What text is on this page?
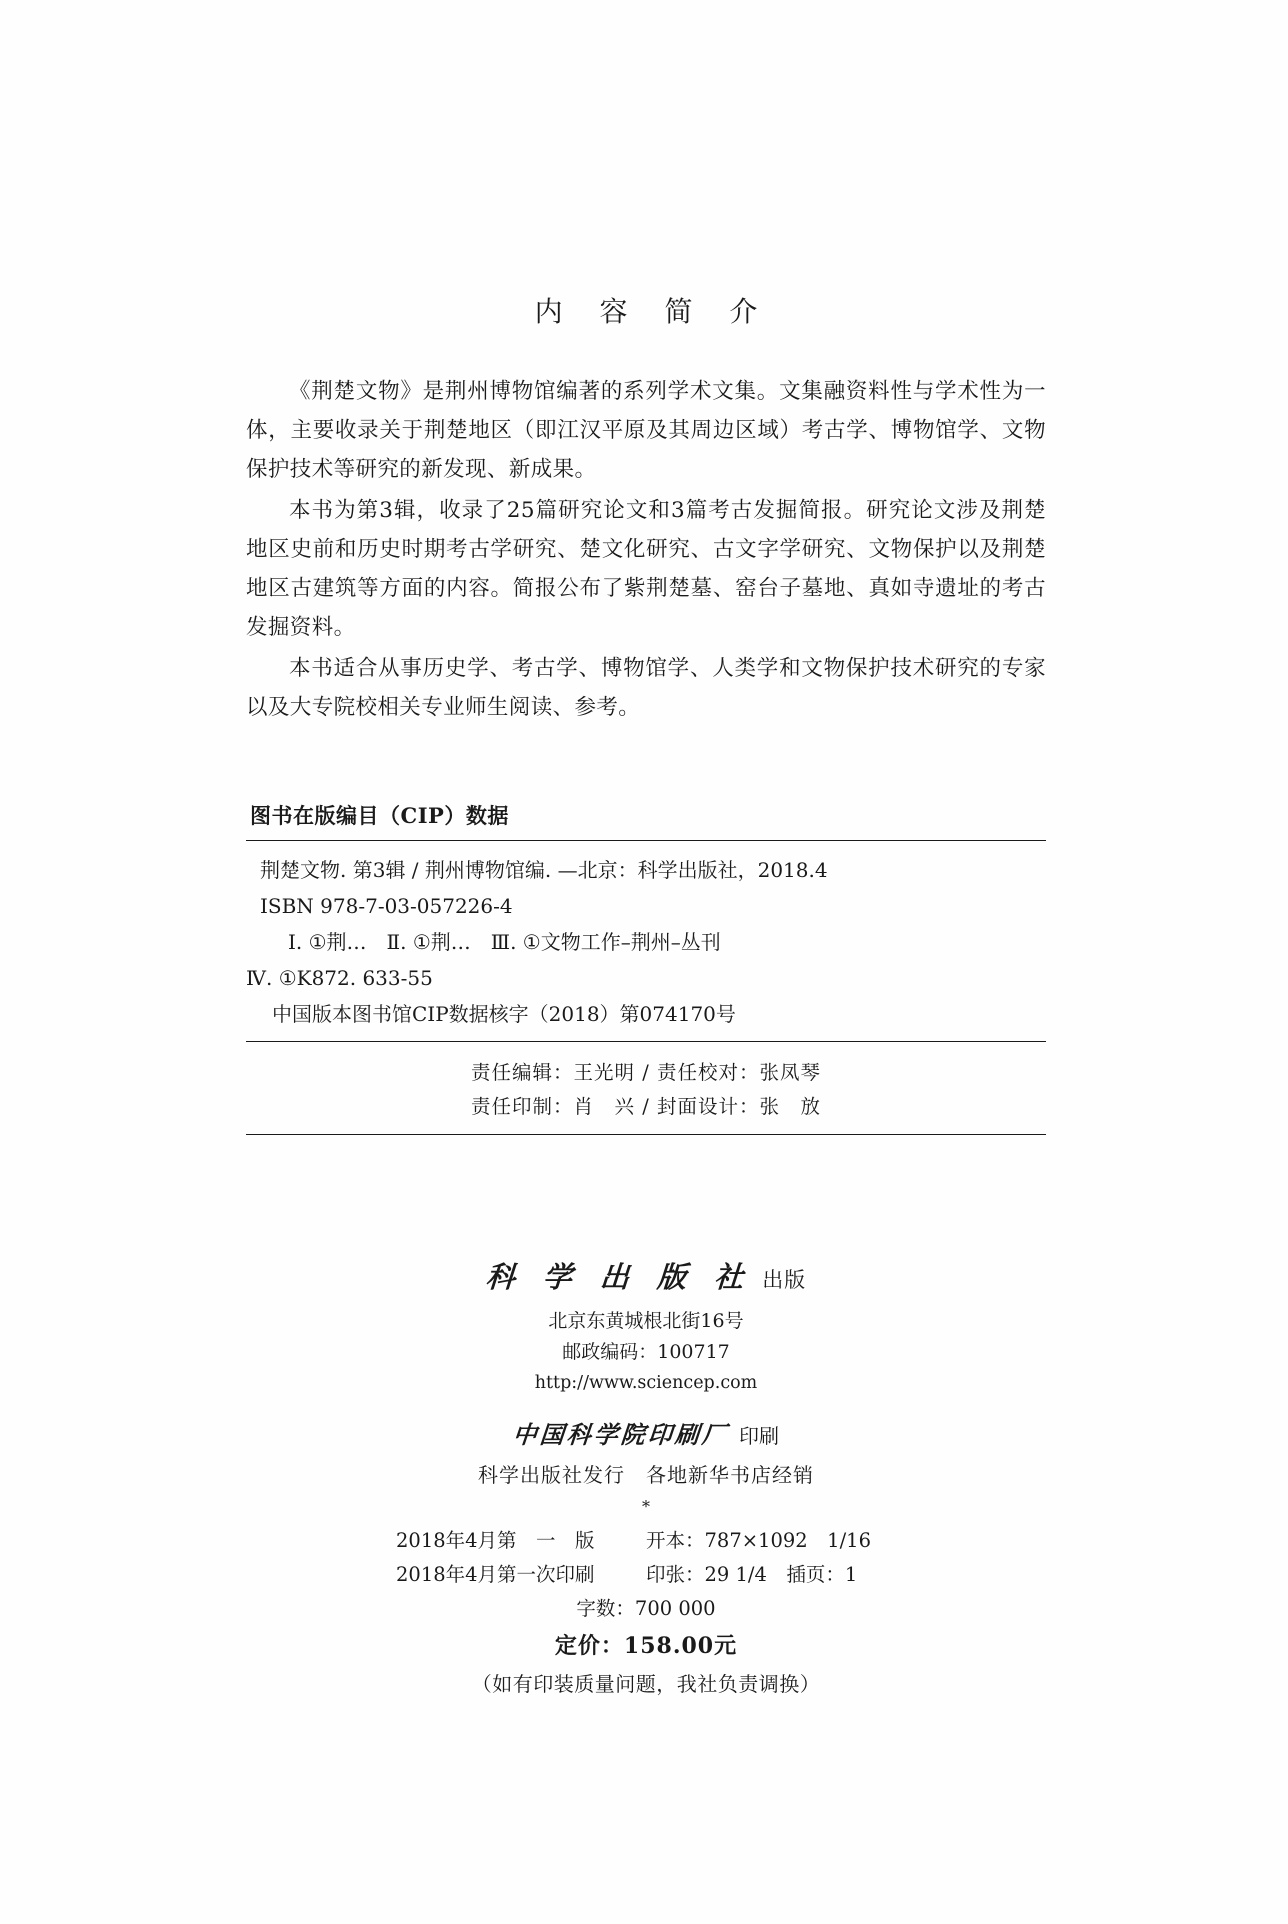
内 容 简 介

《荆楚文物》是荆州博物馆编著的系列学术文集。文集融资料性与学术性为一体，主要收录关于荆楚地区（即江汉平原及其周边区域）考古学、博物馆学、文物保护技术等研究的新发现、新成果。

本书为第3辑，收录了25篇研究论文和3篇考古发掘简报。研究论文涉及荆楚地区史前和历史时期考古学研究、楚文化研究、古文字学研究、文物保护以及荆楚地区古建筑等方面的内容。简报公布了紫荆楚墓、窑台子墓地、真如寺遗址的考古发掘资料。

本书适合从事历史学、考古学、博物馆学、人类学和文物保护技术研究的专家以及大专院校相关专业师生阅读、参考。

图书在版编目（CIP）数据
荆楚文物. 第3辑 / 荆州博物馆编. —北京：科学出版社，2018.4
ISBN 978-7-03-057226-4
Ⅰ. ①荆…　Ⅱ. ①荆…　Ⅲ. ①文物工作–荆州–丛刊
Ⅳ. ①K872. 633-55
中国版本图书馆CIP数据核字（2018）第074170号
责任编辑：王光明 / 责任校对：张凤琴
责任印制：肖　兴 / 封面设计：张　放
科 学 出 版 社 出版
北京东黄城根北街16号
邮政编码：100717
http://www.sciencep.com
中国科学院印刷厂 印刷
科学出版社发行　各地新华书店经销
*
2018年4月第　一　版	开本：787×1092　1/16
2018年4月第一次印刷	印张：29 1/4　插页：1
字数：700 000
定价：158.00元
（如有印装质量问题，我社负责调换）
